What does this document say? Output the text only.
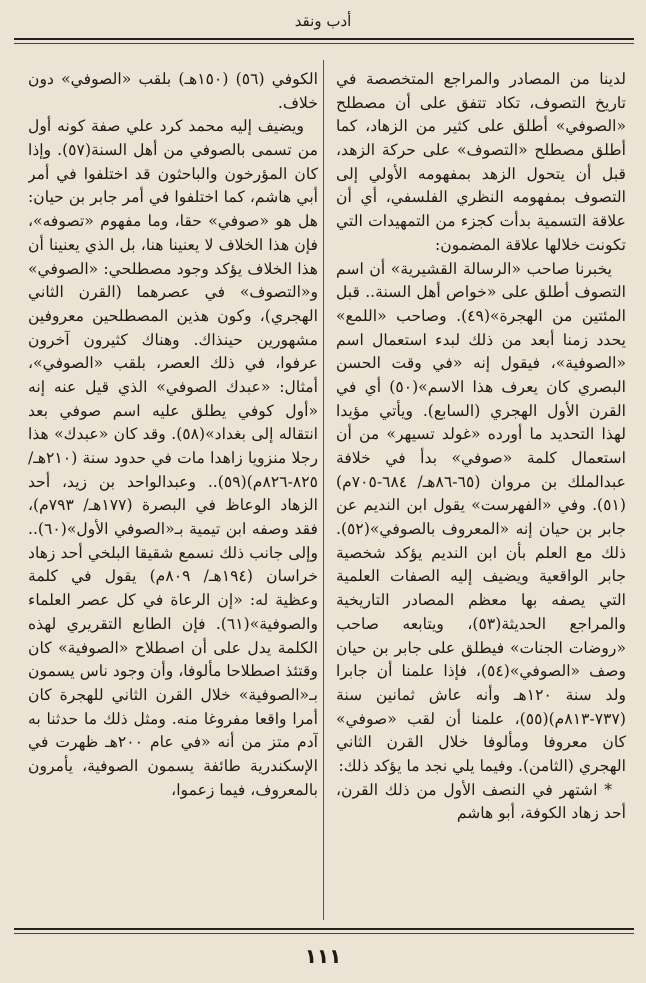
أدب ونقد

لدينا من المصادر والمراجع المتخصصة في تاريخ التصوف، تكاد تتفق على أن مصطلح «الصوفي» أطلق على كثير من الزهاد، كما أطلق مصطلح «التصوف» على حركة الزهد، قبل أن يتحول الزهد بمفهومه الأولي إلى التصوف بمفهومه النظري الفلسفي، أي أن علاقة التسمية بدأت كجزء من التمهيدات التي تكونت خلالها علاقة المضمون:

يخبرنا صاحب «الرسالة القشيرية» أن اسم التصوف أطلق على «خواص أهل السنة.. قبل المئتين من الهجرة»(٤٩). وصاحب «اللمع» يحدد زمنا أبعد من ذلك لبدء استعمال اسم «الصوفية»، فيقول إنه «في وقت الحسن البصري كان يعرف هذا الاسم»(٥٠) أي في القرن الأول الهجري (السابع). ويأتي مؤيدا لهذا التحديد ما أورده «غولد تسيهر» من أن استعمال كلمة «صوفي» بدأ في خلافة عبدالملك بن مروان (٦٥-٨٦هـ/ ٦٨٤-٧٠٥م)(٥١). وفي «الفهرست» يقول ابن النديم عن جابر بن حيان إنه «المعروف بالصوفي»(٥٢). ذلك مع العلم بأن ابن النديم يؤكد شخصية جابر الواقعية ويضيف إليه الصفات العلمية التي يصفه بها معظم المصادر التاريخية والمراجع الحديثة(٥٣)، ويتابعه صاحب «روضات الجنات» فيطلق على جابر بن حيان وصف «الصوفي»(٥٤)، فإذا علمنا أن جابرا ولد سنة ١٢٠هـ وأنه عاش ثمانين سنة (٧٣٧-٨١٣م)(٥٥)، علمنا أن لقب «صوفي» كان معروفا ومألوفا خلال القرن الثاني الهجري (الثامن). وفيما يلي نجد ما يؤكد ذلك:

* اشتهر في النصف الأول من ذلك القرن، أحد زهاد الكوفة، أبو هاشم

الكوفي (٥٦) (١٥٠هـ) بلقب «الصوفي» دون خلاف.

ويضيف إليه محمد كرد علي صفة كونه أول من تسمى بالصوفي من أهل السنة(٥٧). وإذا كان المؤرخون والباحثون قد اختلفوا في أمر أبي هاشم، كما اختلفوا في أمر جابر بن حيان: هل هو «صوفي» حقا، وما مفهوم «تصوفه»، فإن هذا الخلاف لا يعنينا هنا، بل الذي يعنينا أن هذا الخلاف يؤكد وجود مصطلحي: «الصوفي» و«التصوف» في عصرهما (القرن الثاني الهجري)، وكون هذين المصطلحين معروفين مشهورين حينذاك. وهناك كثيرون آخرون عرفوا، في ذلك العصر، بلقب «الصوفي»، أمثال: «عبدك الصوفي» الذي قيل عنه إنه «أول كوفي يطلق عليه اسم صوفي بعد انتقاله إلى بغداد»(٥٨). وقد كان «عبدك» هذا رجلا منزويا زاهدا مات في حدود سنة (٢١٠هـ/ ٨٢٥-٨٢٦م)(٥٩).. وعبدالواحد بن زيد، أحد الزهاد الوعاظ في البصرة (١٧٧هـ/ ٧٩٣م)، فقد وصفه ابن تيمية بـ«الصوفي الأول»(٦٠).. وإلى جانب ذلك نسمع شقيقا البلخي أحد زهاد خراسان (١٩٤هـ/ ٨٠٩م) يقول في كلمة وعظية له: «إن الرعاة في كل عصر العلماء والصوفية»(٦١). فإن الطابع التقريري لهذه الكلمة يدل على أن اصطلاح «الصوفية» كان وقتئذ اصطلاحا مألوفا، وأن وجود ناس يسمون بـ«الصوفية» خلال القرن الثاني للهجرة كان أمرا واقعا مفروغا منه. ومثل ذلك ما حدثنا به آدم متز من أنه «في عام ٢٠٠هـ ظهرت في الإسكندرية طائفة يسمون الصوفية، يأمرون بالمعروف، فيما زعموا،

١١١
